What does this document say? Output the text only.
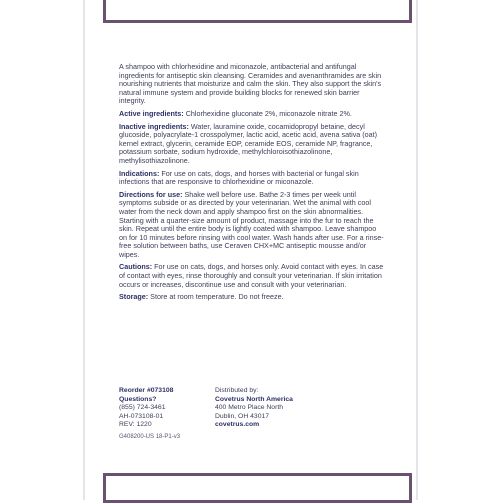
A shampoo with chlorhexidine and miconazole, antibacterial and antifungal ingredients for antiseptic skin cleansing. Ceramides and avenanthramides are skin nourishing nutrients that moisturize and calm the skin. They also support the skin's natural immune system and provide building blocks for renewed skin barrier integrity.
Active ingredients: Chlorhexidine gluconate 2%, miconazole nitrate 2%.
Inactive ingredients: Water, lauramine oxide, cocamidopropyl betaine, decyl glucoside, polyacrylate-1 crosspolymer, lactic acid, acetic acid, avena sativa (oat) kernel extract, glycerin, ceramide EOP, ceramide EOS, ceramide NP, fragrance, potassium sorbate, sodium hydroxide, methylchloroisothiazolinone, methylisothiazolinone.
Indications: For use on cats, dogs, and horses with bacterial or fungal skin infections that are responsive to chlorhexidine or miconazole.
Directions for use: Shake well before use. Bathe 2-3 times per week until symptoms subside or as directed by your veterinarian. Wet the animal with cool water from the neck down and apply shampoo first on the skin abnormalities. Starting with a quarter-size amount of product, massage into the fur to reach the skin. Repeat until the entire body is lightly coated with shampoo. Leave shampoo on for 10 minutes before rinsing with cool water. Wash hands after use. For a rinse-free solution between baths, use Ceraven CHX+MC antiseptic mousse and/or wipes.
Cautions: For use on cats, dogs, and horses only. Avoid contact with eyes. In case of contact with eyes, rinse thoroughly and consult your veterinarian. If skin irritation occurs or increases, discontinue use and consult with your veterinarian.
Storage: Store at room temperature. Do not freeze.
Reorder #073108
Questions?
(855) 724-3461
AH-073108-01
REV: 1220
Distributed by:
Covetrus North America
400 Metro Place North
Dublin, OH 43017
covetrus.com
G408200-US 18-P1-v3
